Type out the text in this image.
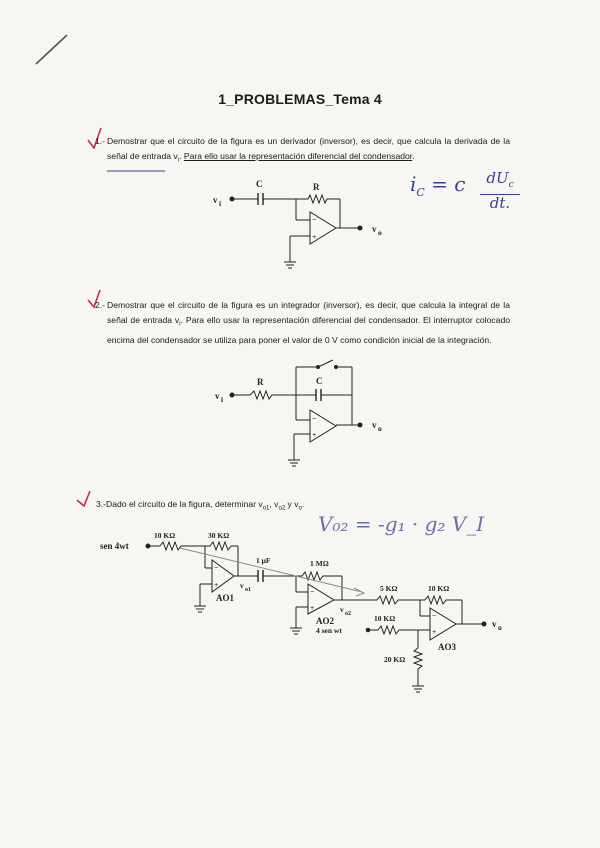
1_PROBLEMAS_Tema 4
1.- Demostrar que el circuito de la figura es un derivador (inversor), es decir, que calcula la derivada de la señal de entrada $v_i$. Para ello usar la representación diferencial del condensador.
$i_C = c$	$dU_c$
dt.
v i
C	R
v o
−
+
2.- Demostrar que el circuito de la figura es un integrador (inversor), es decir, que calcula la integral de la señal de entrada $v_i$. Para ello usar la representación diferencial del condensador. El interruptor colocado encima del condensador se utiliza para poner el valor de 0 V como condición inicial de la integración.
v i
R	C
v o
−
+
3.-Dado el circuito de la figura, determinar $v_{o1}$, $v_{o2}$ y $v_o$.
V₀₂ = -g₁ · g₂ V_I
sen 4wt
10 KΩ	30 KΩ
1 μF	1 MΩ
5 KΩ	10 KΩ
10 KΩ
20 KΩ
4 sen wt
AO1
AO2
AO3
v o1
v o2
v o
−
+
−
+
−
+
